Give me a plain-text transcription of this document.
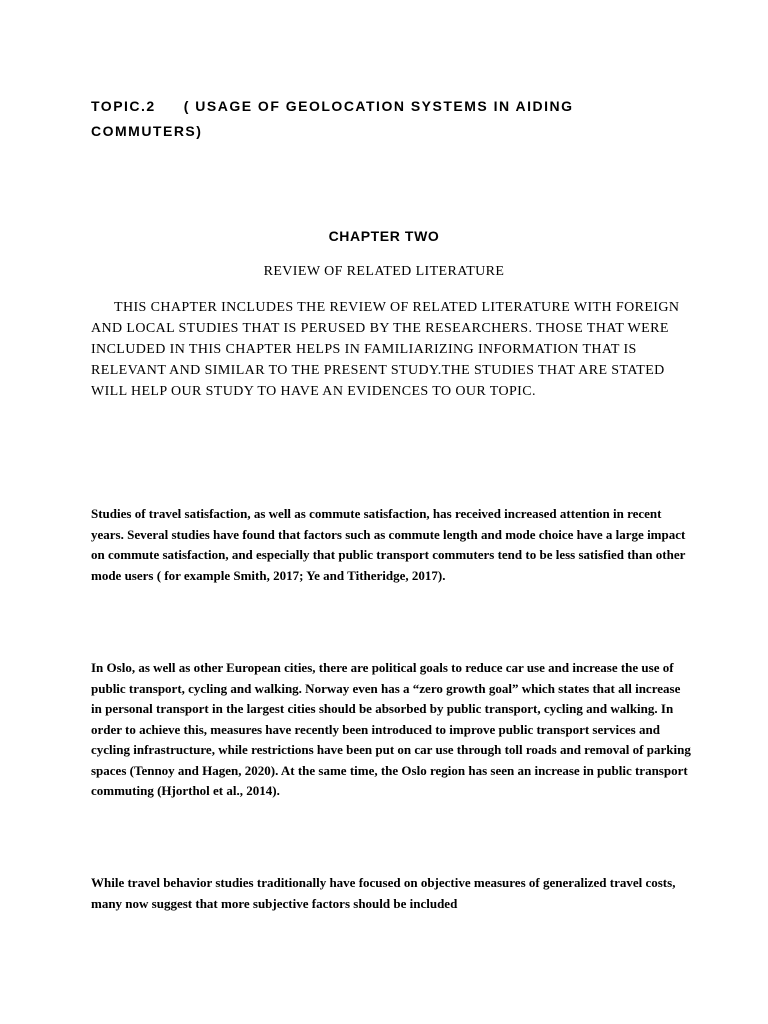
TOPIC.2 ( USAGE OF GEOLOCATION SYSTEMS IN AIDING
COMMUTERS)
CHAPTER TWO
REVIEW OF RELATED LITERATURE

THIS CHAPTER INCLUDES THE REVIEW OF RELATED LITERATURE WITH FOREIGN AND LOCAL STUDIES THAT IS PERUSED BY THE RESEARCHERS. THOSE THAT WERE INCLUDED IN THIS CHAPTER HELPS IN FAMILIARIZING INFORMATION THAT IS RELEVANT AND SIMILAR TO THE PRESENT STUDY.THE STUDIES THAT ARE STATED WILL HELP OUR STUDY TO HAVE AN EVIDENCES TO OUR TOPIC.

Studies of travel satisfaction, as well as commute satisfaction, has received increased attention in recent years. Several studies have found that factors such as commute length and mode choice have a large impact on commute satisfaction, and especially that public transport commuters tend to be less satisfied than other mode users ( for example Smith, 2017; Ye and Titheridge, 2017).

In Oslo, as well as other European cities, there are political goals to reduce car use and increase the use of public transport, cycling and walking. Norway even has a “zero growth goal” which states that all increase in personal transport in the largest cities should be absorbed by public transport, cycling and walking. In order to achieve this, measures have recently been introduced to improve public transport services and cycling infrastructure, while restrictions have been put on car use through toll roads and removal of parking spaces (Tennoy and Hagen, 2020). At the same time, the Oslo region has seen an increase in public transport commuting (Hjorthol et al., 2014).

While travel behavior studies traditionally have focused on objective measures of generalized travel costs, many now suggest that more subjective factors should be included
